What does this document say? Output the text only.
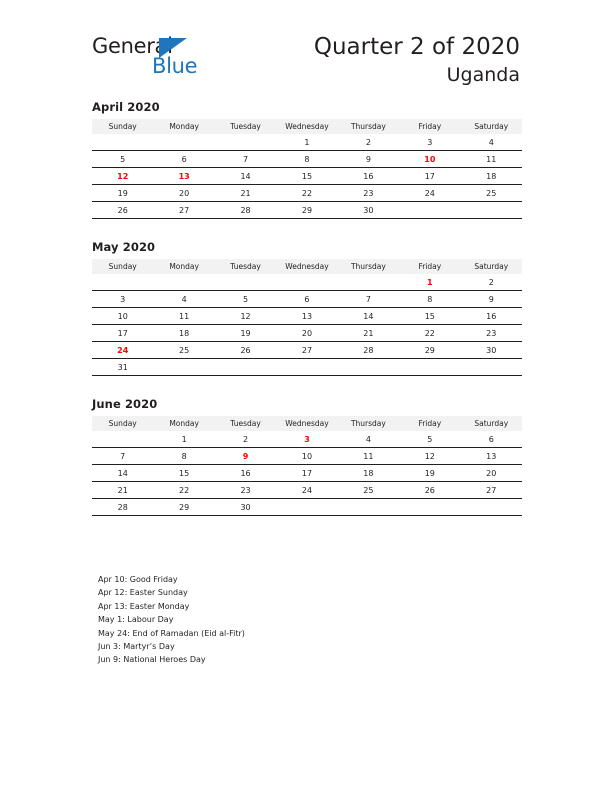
General
Blue
Quarter 2 of 2020
Uganda
April 2020
Sunday	Monday	Tuesday	Wednesday	Thursday	Friday	Saturday
			1	2	3	4
5	6	7	8	9	10	11
12	13	14	15	16	17	18
19	20	21	22	23	24	25
26	27	28	29	30		
May 2020
Sunday	Monday	Tuesday	Wednesday	Thursday	Friday	Saturday
					1	2
3	4	5	6	7	8	9
10	11	12	13	14	15	16
17	18	19	20	21	22	23
24	25	26	27	28	29	30
31						
June 2020
Sunday	Monday	Tuesday	Wednesday	Thursday	Friday	Saturday
	1	2	3	4	5	6
7	8	9	10	11	12	13
14	15	16	17	18	19	20
21	22	23	24	25	26	27
28	29	30				
Apr 10: Good Friday
Apr 12: Easter Sunday
Apr 13: Easter Monday
May 1: Labour Day
May 24: End of Ramadan (Eid al-Fitr)
Jun 3: Martyr’s Day
Jun 9: National Heroes Day
